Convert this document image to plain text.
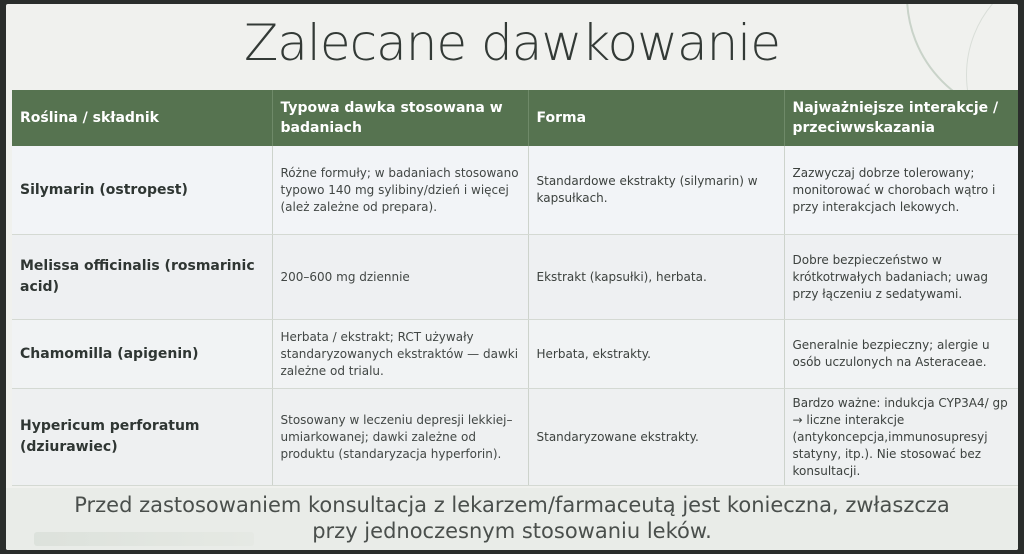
Zalecane dawkowanie
Roślina / składnik	Typowa dawka stosowana w badaniach	Forma	Najważniejsze interakcje / przeciwwskazania
Silymarin (ostropest)	Różne formuły; w badaniach stosowano typowo 140 mg sylibiny/dzień i więcej (ależ zależne od prepara).	Standardowe ekstrakty (silymarin) w kapsułkach.	Zazwyczaj dobrze tolerowany; monitorować w chorobach wątro i przy interakcjach lekowych.
Melissa officinalis (rosmarinic acid)	200–600 mg dziennie	Ekstrakt (kapsułki), herbata.	Dobre bezpieczeństwo w krótkotrwałych badaniach; uwag przy łączeniu z sedatywami.
Chamomilla (apigenin)	Herbata / ekstrakt; RCT używały standaryzowanych ekstraktów — dawki zależne od trialu.	Herbata, ekstrakty.	Generalnie bezpieczny; alergie u osób uczulonych na Asteraceae.
Hypericum perforatum (dziurawiec)	Stosowany w leczeniu depresji lekkiej–umiarkowanej; dawki zależne od produktu (standaryzacja hyperforin).	Standaryzowane ekstrakty.	Bardzo ważne: indukcja CYP3A4/ gp → liczne interakcje (antykoncepcja,immunosupresyj statyny, itp.). Nie stosować bez konsultacji.
Przed zastosowaniem konsultacja z lekarzem/farmaceutą jest konieczna, zwłaszcza
przy jednoczesnym stosowaniu leków.
